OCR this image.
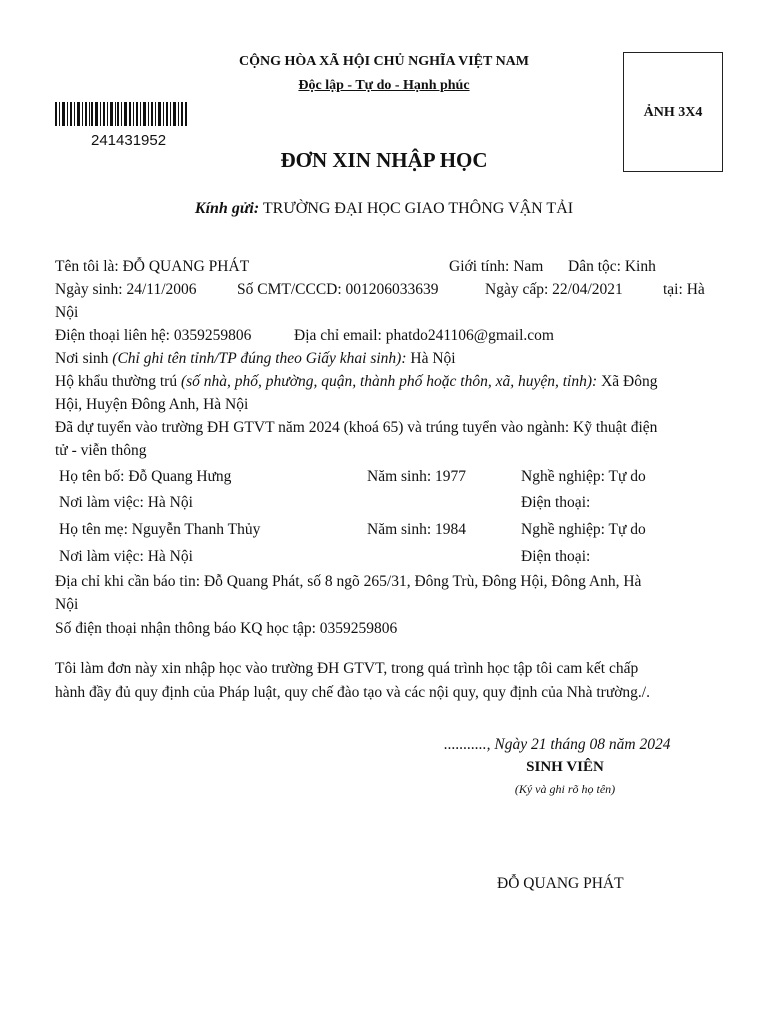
CỘNG HÒA XÃ HỘI CHỦ NGHĨA VIỆT NAM
Độc lập - Tự do - Hạnh phúc
ẢNH 3X4
241431952
ĐƠN XIN NHẬP HỌC
Kính gửi: TRƯỜNG ĐẠI HỌC GIAO THÔNG VẬN TẢI
Tên tôi là: ĐỖ QUANG PHÁT	Giới tính: Nam Dân tộc: Kinh
Ngày sinh: 24/11/2006	Số CMT/CCCD: 001206033639	Ngày cấp: 22/04/2021	tại: Hà
Nội
Điện thoại liên hệ: 0359259806	Địa chỉ email: phatdo241106@gmail.com
Nơi sinh (Chỉ ghi tên tỉnh/TP đúng theo Giấy khai sinh): Hà Nội
Hộ khẩu thường trú (số nhà, phố, phường, quận, thành phố hoặc thôn, xã, huyện, tỉnh): Xã Đông
Hội, Huyện Đông Anh, Hà Nội
Đã dự tuyển vào trường ĐH GTVT năm 2024 (khoá 65) và trúng tuyển vào ngành: Kỹ thuật điện
tử - viễn thông
Họ tên bố: Đỗ Quang Hưng	Năm sinh: 1977	Nghề nghiệp: Tự do
Nơi làm việc: Hà Nội	Điện thoại:
Họ tên mẹ: Nguyễn Thanh Thủy	Năm sinh: 1984	Nghề nghiệp: Tự do
Nơi làm việc: Hà Nội	Điện thoại:
Địa chỉ khi cần báo tin: Đỗ Quang Phát, số 8 ngõ 265/31, Đông Trù, Đông Hội, Đông Anh, Hà
Nội
Số điện thoại nhận thông báo KQ học tập: 0359259806
Tôi làm đơn này xin nhập học vào trường ĐH GTVT, trong quá trình học tập tôi cam kết chấp
hành đầy đủ quy định của Pháp luật, quy chế đào tạo và các nội quy, quy định của Nhà trường./.
..........., Ngày 21 tháng 08 năm 2024
SINH VIÊN
(Ký và ghi rõ họ tên)
ĐỖ QUANG PHÁT
